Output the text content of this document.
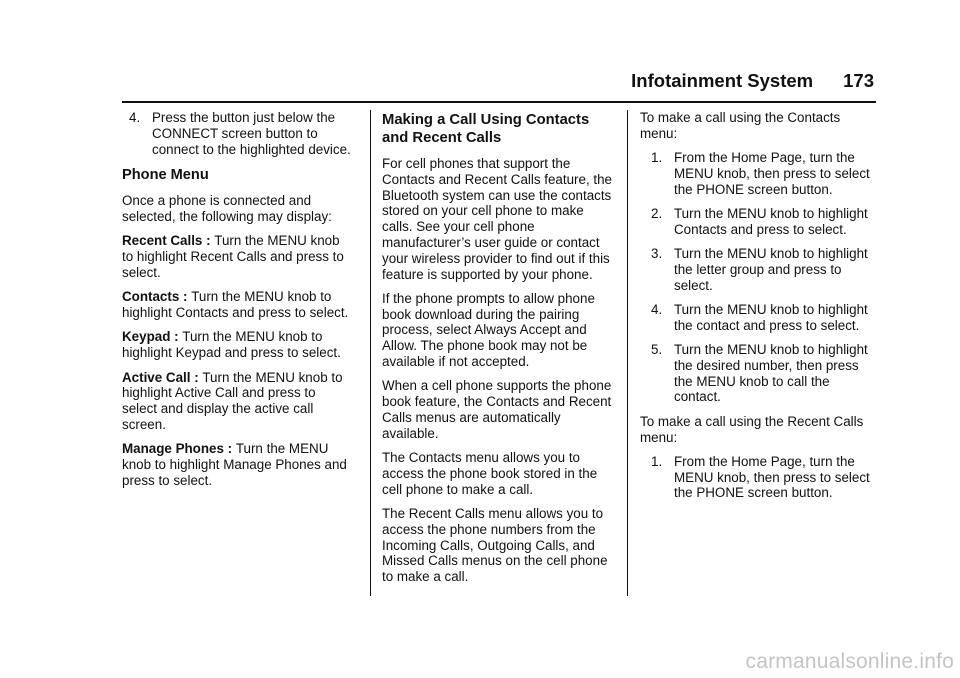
Infotainment System 173
4. Press the button just below the CONNECT screen button to connect to the highlighted device.
Phone Menu

Once a phone is connected and selected, the following may display:

Recent Calls : Turn the MENU knob to highlight Recent Calls and press to select.

Contacts : Turn the MENU knob to highlight Contacts and press to select.

Keypad : Turn the MENU knob to highlight Keypad and press to select.

Active Call : Turn the MENU knob to highlight Active Call and press to select and display the active call screen.

Manage Phones : Turn the MENU knob to highlight Manage Phones and press to select.

Making a Call Using Contacts and Recent Calls

For cell phones that support the Contacts and Recent Calls feature, the Bluetooth system can use the contacts stored on your cell phone to make calls. See your cell phone manufacturer’s user guide or contact your wireless provider to find out if this feature is supported by your phone.

If the phone prompts to allow phone book download during the pairing process, select Always Accept and Allow. The phone book may not be available if not accepted.

When a cell phone supports the phone book feature, the Contacts and Recent Calls menus are automatically available.

The Contacts menu allows you to access the phone book stored in the cell phone to make a call.

The Recent Calls menu allows you to access the phone numbers from the Incoming Calls, Outgoing Calls, and Missed Calls menus on the cell phone to make a call.

To make a call using the Contacts menu:

1. From the Home Page, turn the MENU knob, then press to select the PHONE screen button.
2. Turn the MENU knob to highlight Contacts and press to select.
3. Turn the MENU knob to highlight the letter group and press to select.
4. Turn the MENU knob to highlight the contact and press to select.
5. Turn the MENU knob to highlight the desired number, then press the MENU knob to call the contact.

To make a call using the Recent Calls menu:

1. From the Home Page, turn the MENU knob, then press to select the PHONE screen button.
carmanualsonline.info
